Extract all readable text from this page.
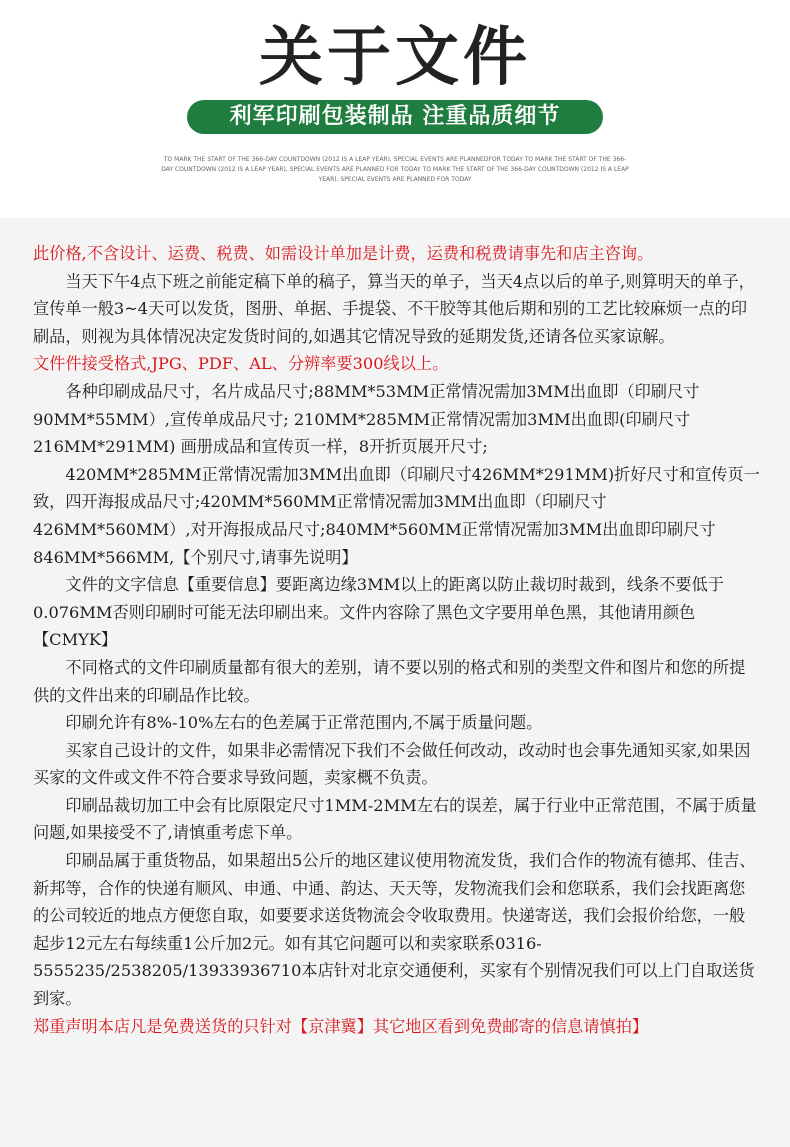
关于文件
利军印刷包装制品 注重品质细节
TO MARK THE START OF THE 366-DAY COUNTDOWN (2012 IS A LEAP YEAR), SPECIAL EVENTS ARE PLANNEDFOR TODAY TO MARK THE START OF THE 366-DAY COUNTDOWN (2012 IS A LEAP YEAR), SPECIAL EVENTS ARE PLANNED FOR TODAY TO MARK THE START OF THE 366-DAY COUNTDOWN (2012 IS A LEAP YEAR), SPECIAL EVENTS ARE PLANNED FOR TODAY

此价格,不含设计、运费、税费、如需设计单加是计费，运费和税费请事先和店主咨询。

当天下午4点下班之前能定稿下单的稿子，算当天的单子，当天4点以后的单子,则算明天的单子，宣传单一般3~4天可以发货，图册、单据、手提袋、不干胶等其他后期和别的工艺比较麻烦一点的印刷品，则视为具体情况决定发货时间的,如遇其它情况导致的延期发货,还请各位买家谅解。

文件件接受格式,JPG、PDF、AL、分辨率要300线以上。

各种印刷成品尺寸，名片成品尺寸;88MM*53MM正常情况需加3MM出血即（印刷尺寸90MM*55MM）,宣传单成品尺寸; 210MM*285MM正常情况需加3MM出血即(印刷尺寸216MM*291MM) 画册成品和宣传页一样，8开折页展开尺寸;

420MM*285MM正常情况需加3MM出血即（印刷尺寸426MM*291MM)折好尺寸和宣传页一致，四开海报成品尺寸;420MM*560MM正常情况需加3MM出血即（印刷尺寸426MM*560MM）,对开海报成品尺寸;840MM*560MM正常情况需加3MM出血即印刷尺寸846MM*566MM,【个别尺寸,请事先说明】

文件的文字信息【重要信息】要距离边缘3MM以上的距离以防止裁切时裁到，线条不要低于0.076MM否则印刷时可能无法印刷出来。文件内容除了黑色文字要用单色黑，其他请用颜色【CMYK】

不同格式的文件印刷质量都有很大的差别，请不要以别的格式和别的类型文件和图片和您的所提供的文件出来的印刷品作比较。

印刷允许有8%-10%左右的色差属于正常范围内,不属于质量问题。

买家自己设计的文件，如果非必需情况下我们不会做任何改动，改动时也会事先通知买家,如果因买家的文件或文件不符合要求导致问题，卖家概不负责。

印刷品裁切加工中会有比原限定尺寸1MM-2MM左右的误差，属于行业中正常范围，不属于质量问题,如果接受不了,请慎重考虑下单。

印刷品属于重货物品，如果超出5公斤的地区建议使用物流发货，我们合作的物流有德邦、佳吉、新邦等，合作的快递有顺风、申通、中通、韵达、天天等，发物流我们会和您联系，我们会找距离您的公司较近的地点方便您自取，如要要求送货物流会令收取费用。快递寄送，我们会报价给您，一般起步12元左右每续重1公斤加2元。如有其它问题可以和卖家联系0316-5555235/2538205/13933936710本店针对北京交通便利，买家有个别情况我们可以上门自取送货到家。

郑重声明本店凡是免费送货的只针对【京津冀】其它地区看到免费邮寄的信息请慎拍】
